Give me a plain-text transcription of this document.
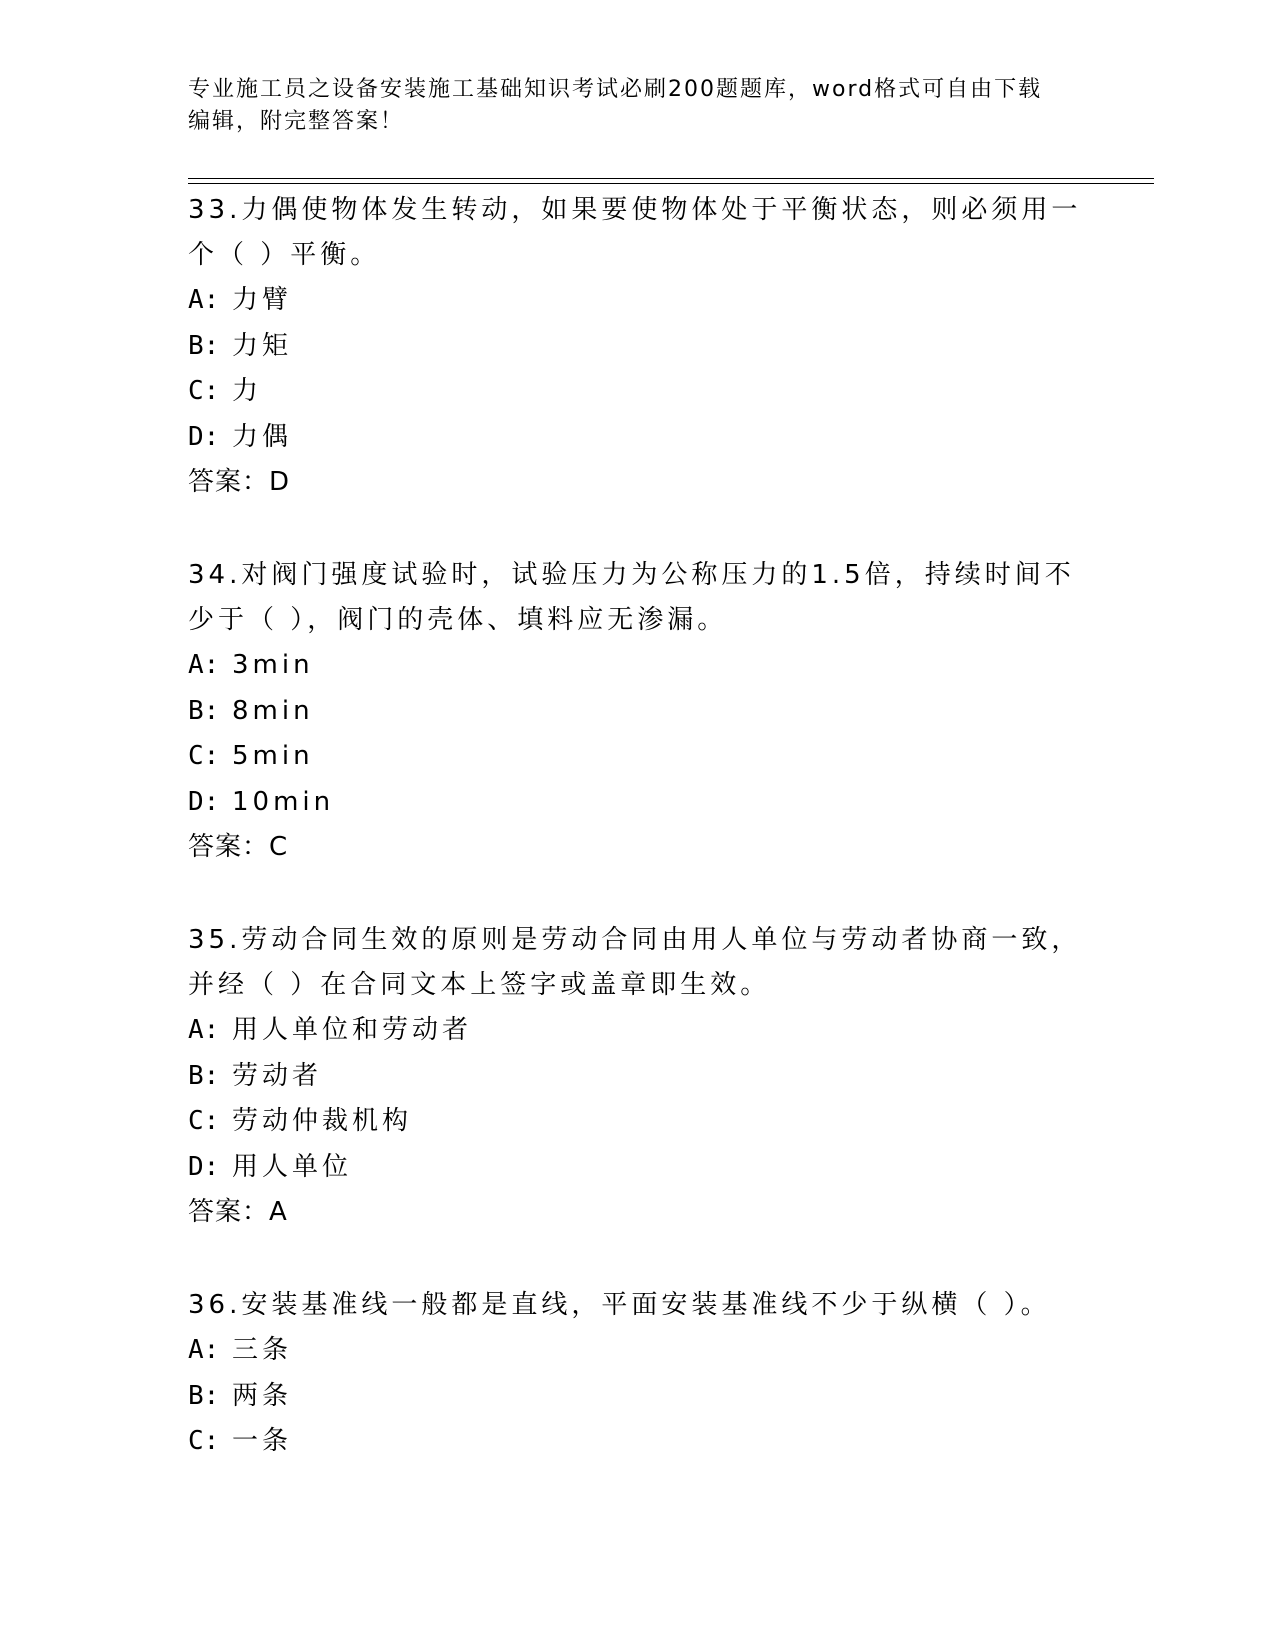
专业施工员之设备安装施工基础知识考试必刷200题题库，word格式可自由下载
编辑，附完整答案！

33.力偶使物体发生转动，如果要使物体处于平衡状态，则必须用一个（ ）平衡。

A: 力臂

B: 力矩

C: 力

D: 力偶

答案：D

34.对阀门强度试验时，试验压力为公称压力的1.5倍，持续时间不少于（ ），阀门的壳体、填料应无渗漏。

A: 3min

B: 8min

C: 5min

D: 10min

答案：C

35.劳动合同生效的原则是劳动合同由用人单位与劳动者协商一致，并经（ ）在合同文本上签字或盖章即生效。

A: 用人单位和劳动者

B: 劳动者

C: 劳动仲裁机构

D: 用人单位

答案：A

36.安装基准线一般都是直线，平面安装基准线不少于纵横（ ）。

A: 三条

B: 两条

C: 一条
